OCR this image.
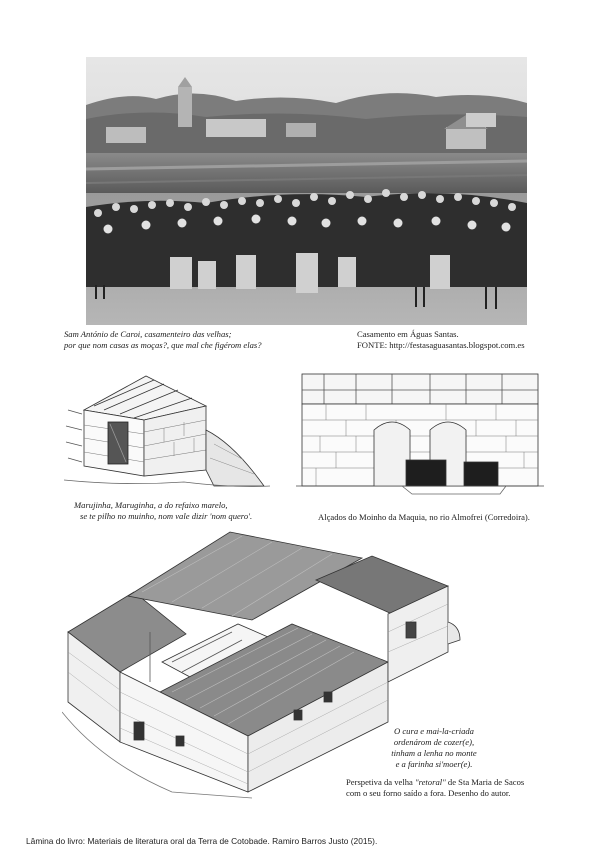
Sam António de Caroi, casamenteiro das velhas;
por que nom casas as moças?, que mal che figérom elas?
Casamento em Águas Santas.
FONTE: http://festasaguasantas.blogspot.com.es
Marujinha, Maruginha, a do refaixo marelo,
se te pilho no muinho, nom vale dizir 'nom quero'.	Alçados do Moinho da Maquia, no rio Almofrei (Corredoira).
O cura e mai-la-criada
ordenárom de cozer(e),
tinham a lenha no monte
e a farinha si'moer(e).
Perspetiva da velha "retoral" de Sta Maria de Sacos
com o seu forno saído a fora. Desenho do autor.
Lâmina do livro: Materiais de literatura oral da Terra de Cotobade. Ramiro Barros Justo (2015).
